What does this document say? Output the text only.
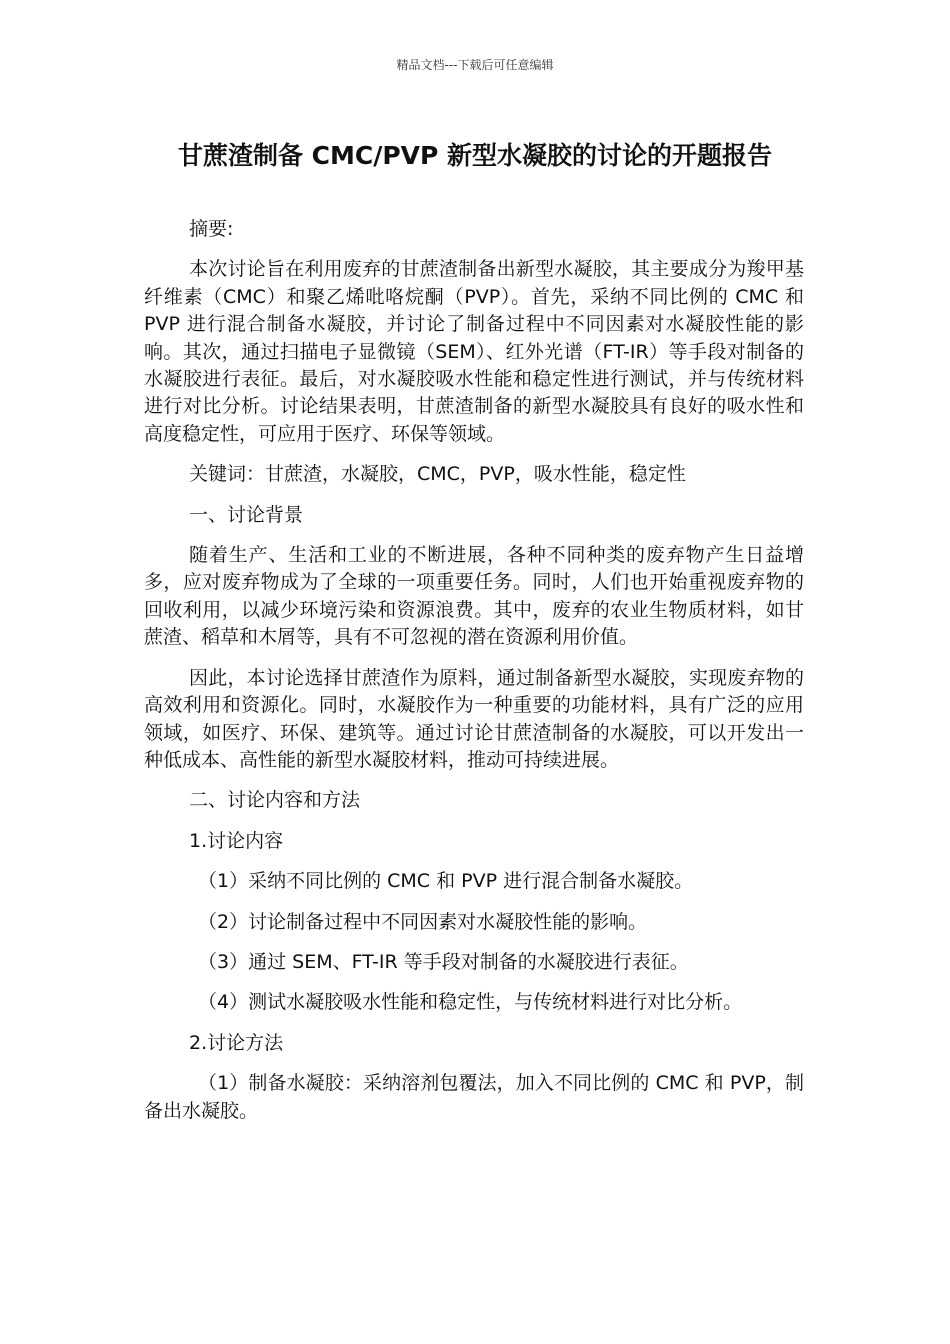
精品文档---下载后可任意编辑
甘蔗渣制备 CMC/PVP 新型水凝胶的讨论的开题报告

摘要:

本次讨论旨在利用废弃的甘蔗渣制备出新型水凝胶，其主要成分为羧甲基纤维素（CMC）和聚乙烯吡咯烷酮（PVP）。首先，采纳不同比例的 CMC 和 PVP 进行混合制备水凝胶，并讨论了制备过程中不同因素对水凝胶性能的影响。其次，通过扫描电子显微镜（SEM）、红外光谱（FT-IR）等手段对制备的水凝胶进行表征。最后，对水凝胶吸水性能和稳定性进行测试，并与传统材料进行对比分析。讨论结果表明，甘蔗渣制备的新型水凝胶具有良好的吸水性和高度稳定性，可应用于医疗、环保等领域。

关键词：甘蔗渣，水凝胶，CMC，PVP，吸水性能，稳定性

一、讨论背景

随着生产、生活和工业的不断进展，各种不同种类的废弃物产生日益增多，应对废弃物成为了全球的一项重要任务。同时，人们也开始重视废弃物的回收利用，以减少环境污染和资源浪费。其中，废弃的农业生物质材料，如甘蔗渣、稻草和木屑等，具有不可忽视的潜在资源利用价值。

因此，本讨论选择甘蔗渣作为原料，通过制备新型水凝胶，实现废弃物的高效利用和资源化。同时，水凝胶作为一种重要的功能材料，具有广泛的应用领域，如医疗、环保、建筑等。通过讨论甘蔗渣制备的水凝胶，可以开发出一种低成本、高性能的新型水凝胶材料，推动可持续进展。

二、讨论内容和方法

1.讨论内容

（1）采纳不同比例的 CMC 和 PVP 进行混合制备水凝胶。

（2）讨论制备过程中不同因素对水凝胶性能的影响。

（3）通过 SEM、FT-IR 等手段对制备的水凝胶进行表征。

（4）测试水凝胶吸水性能和稳定性，与传统材料进行对比分析。

2.讨论方法

（1）制备水凝胶：采纳溶剂包覆法，加入不同比例的 CMC 和 PVP，制备出水凝胶。
